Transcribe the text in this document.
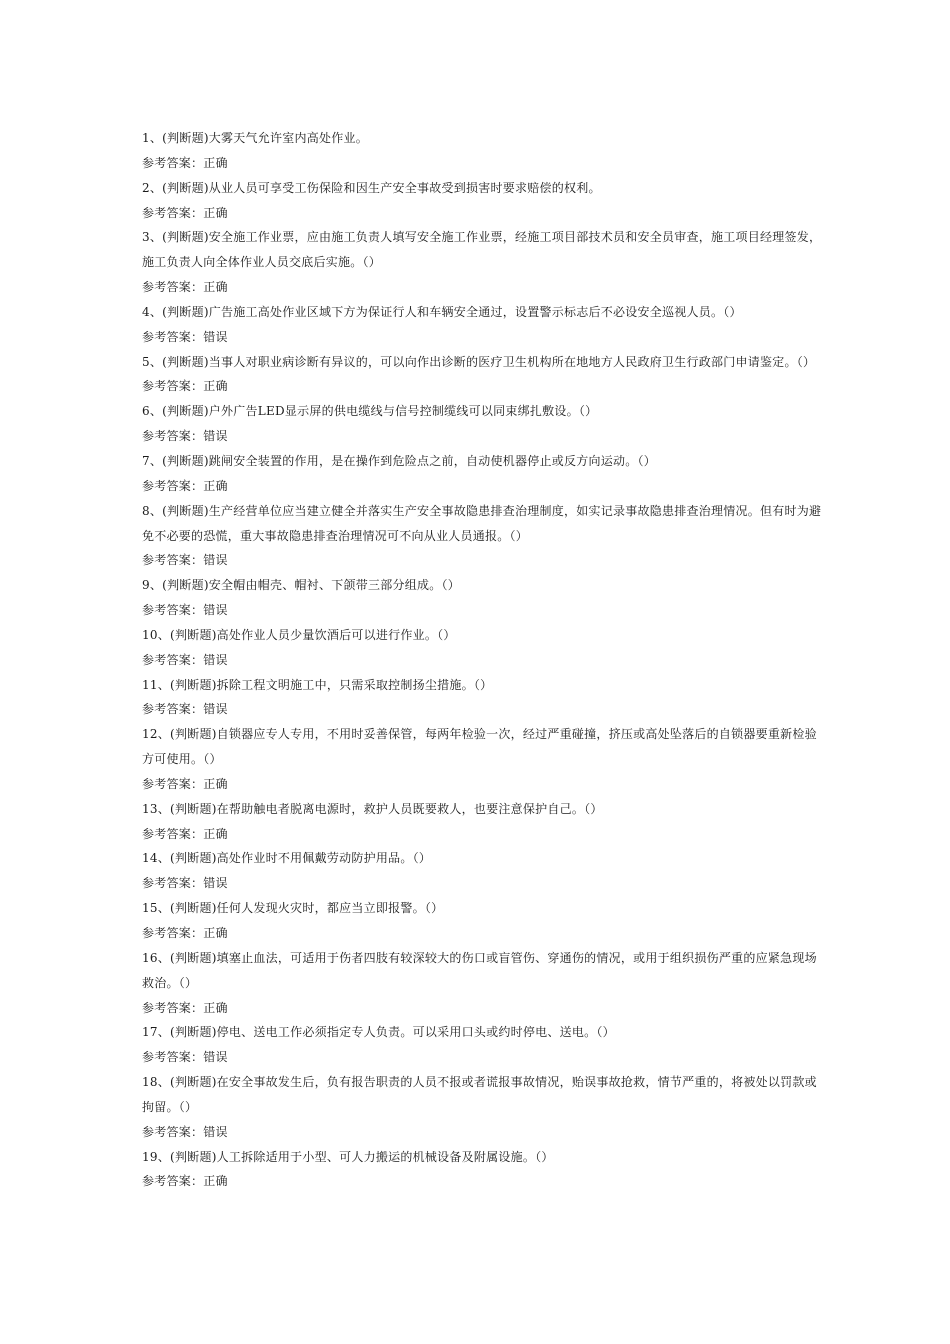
1、(判断题)大雾天气允许室内高处作业。
参考答案：正确
2、(判断题)从业人员可享受工伤保险和因生产安全事故受到损害时要求赔偿的权利。
参考答案：正确
3、(判断题)安全施工作业票，应由施工负责人填写安全施工作业票，经施工项目部技术员和安全员审查，施工项目经理签发，施工负责人向全体作业人员交底后实施。（）
参考答案：正确
4、(判断题)广告施工高处作业区域下方为保证行人和车辆安全通过，设置警示标志后不必设安全巡视人员。（）
参考答案：错误
5、(判断题)当事人对职业病诊断有异议的，可以向作出诊断的医疗卫生机构所在地地方人民政府卫生行政部门申请鉴定。（）
参考答案：正确
6、(判断题)户外广告LED显示屏的供电缆线与信号控制缆线可以同束绑扎敷设。（）
参考答案：错误
7、(判断题)跳闸安全装置的作用，是在操作到危险点之前，自动使机器停止或反方向运动。（）
参考答案：正确
8、(判断题)生产经营单位应当建立健全并落实生产安全事故隐患排查治理制度，如实记录事故隐患排查治理情况。但有时为避免不必要的恐慌，重大事故隐患排查治理情况可不向从业人员通报。（）
参考答案：错误
9、(判断题)安全帽由帽壳、帽衬、下颌带三部分组成。（）
参考答案：错误
10、(判断题)高处作业人员少量饮酒后可以进行作业。（）
参考答案：错误
11、(判断题)拆除工程文明施工中，只需采取控制扬尘措施。（）
参考答案：错误
12、(判断题)自锁器应专人专用，不用时妥善保管，每两年检验一次，经过严重碰撞，挤压或高处坠落后的自锁器要重新检验方可使用。（）
参考答案：正确
13、(判断题)在帮助触电者脱离电源时，救护人员既要救人，也要注意保护自己。（）
参考答案：正确
14、(判断题)高处作业时不用佩戴劳动防护用品。（）
参考答案：错误
15、(判断题)任何人发现火灾时，都应当立即报警。（）
参考答案：正确
16、(判断题)填塞止血法，可适用于伤者四肢有较深较大的伤口或盲管伤、穿通伤的情况，或用于组织损伤严重的应紧急现场救治。（）
参考答案：正确
17、(判断题)停电、送电工作必须指定专人负责。可以采用口头或约时停电、送电。（）
参考答案：错误
18、(判断题)在安全事故发生后，负有报告职责的人员不报或者谎报事故情况，贻误事故抢救，情节严重的，将被处以罚款或拘留。（）
参考答案：错误
19、(判断题)人工拆除适用于小型、可人力搬运的机械设备及附属设施。（）
参考答案：正确
